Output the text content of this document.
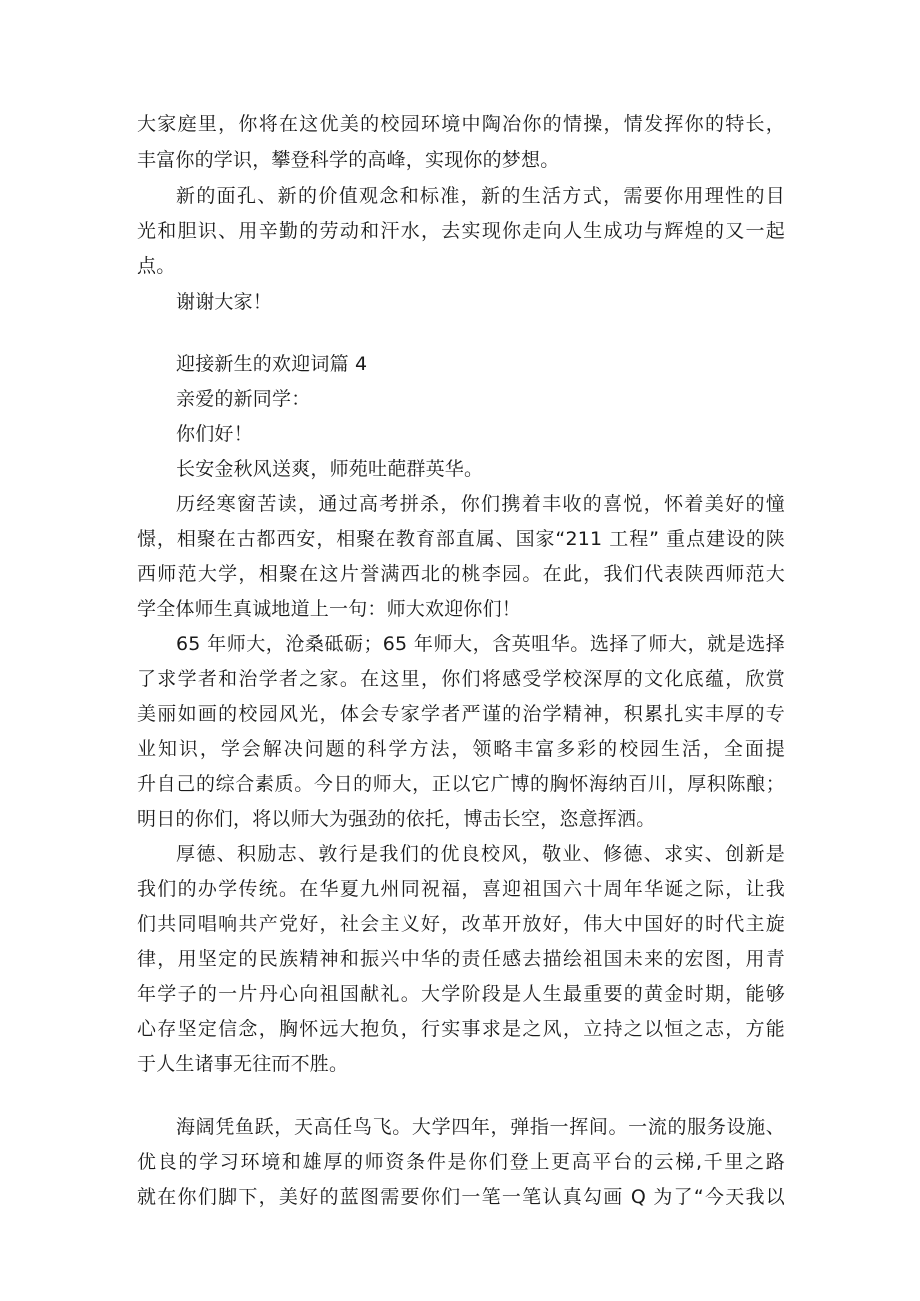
大家庭里，你将在这优美的校园环境中陶冶你的情操，情发挥你的特长，

丰富你的学识，攀登科学的高峰，实现你的梦想。

新的面孔、新的价值观念和标准，新的生活方式，需要你用理性的目

光和胆识、用辛勤的劳动和汗水，去实现你走向人生成功与辉煌的又一起

点。

谢谢大家！

迎接新生的欢迎词篇 4

亲爱的新同学：

你们好！

长安金秋风送爽，师苑吐葩群英华。

历经寒窗苦读，通过高考拼杀，你们携着丰收的喜悦，怀着美好的憧

憬，相聚在古都西安，相聚在教育部直属、国家“211 工程” 重点建设的陕

西师范大学，相聚在这片誉满西北的桃李园。在此，我们代表陕西师范大

学全体师生真诚地道上一句：师大欢迎你们！

65 年师大，沧桑砥砺；65 年师大，含英咀华。选择了师大，就是选择

了求学者和治学者之家。在这里，你们将感受学校深厚的文化底蕴，欣赏

美丽如画的校园风光，体会专家学者严谨的治学精神，积累扎实丰厚的专

业知识，学会解决问题的科学方法，领略丰富多彩的校园生活，全面提

升自己的综合素质。今日的师大，正以它广博的胸怀海纳百川，厚积陈酿；

明日的你们，将以师大为强劲的依托，博击长空，恣意挥洒。

厚德、积励志、敦行是我们的优良校风，敬业、修德、求实、创新是

我们的办学传统。在华夏九州同祝福，喜迎祖国六十周年华诞之际，让我

们共同唱响共产党好，社会主义好，改革开放好，伟大中国好的时代主旋

律，用坚定的民族精神和振兴中华的责任感去描绘祖国未来的宏图，用青

年学子的一片丹心向祖国献礼。大学阶段是人生最重要的黄金时期，能够

心存坚定信念，胸怀远大抱负，行实事求是之风，立持之以恒之志，方能

于人生诸事无往而不胜。

海阔凭鱼跃，天高任鸟飞。大学四年，弹指一挥间。一流的服务设施、

优良的学习环境和雄厚的师资条件是你们登上更高平台的云梯,千里之路

就在你们脚下，美好的蓝图需要你们一笔一笔认真勾画 Q 为了“今天我以
